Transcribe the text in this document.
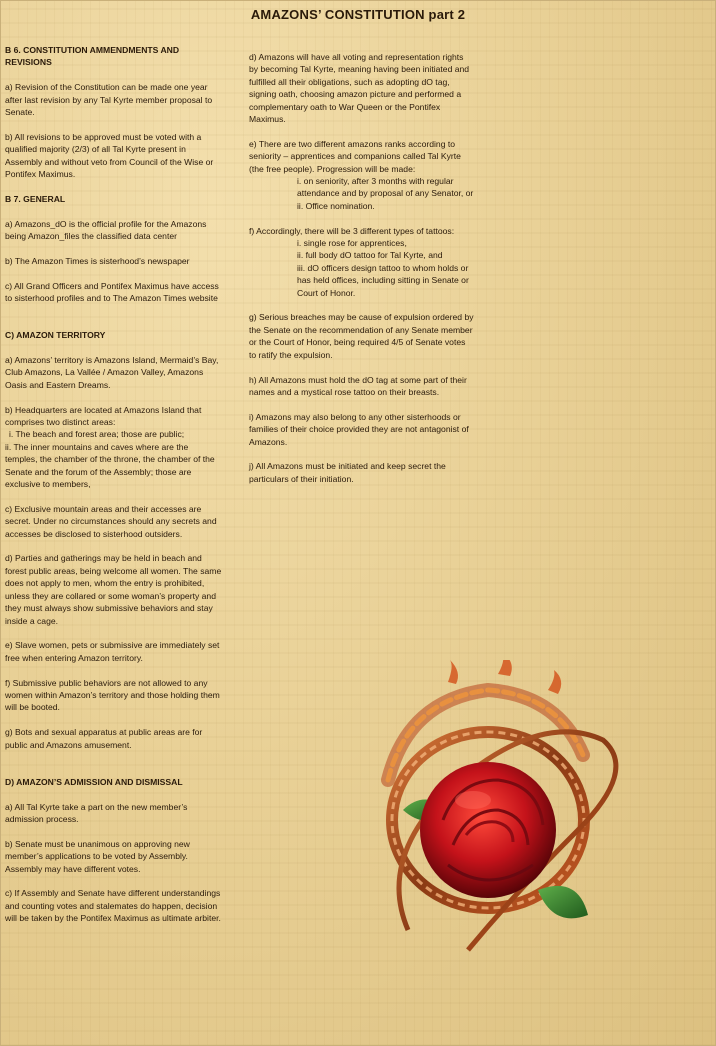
AMAZONS’ CONSTITUTION part 2
B 6. CONSTITUTION AMMENDMENTS AND REVISIONS

a) Revision of the Constitution can be made one year after last revision by any Tal Kyrte member proposal to Senate.

b) All revisions to be approved must be voted with a qualified majority (2/3) of all Tal Kyrte present in Assembly and without veto from Council of the Wise or Pontifex Maximus.

B 7. GENERAL

a) Amazons_dO is the official profile for the Amazons being Amazon_files the classified data center

b) The Amazon Times is sisterhood’s newspaper

c) All Grand Officers and Pontifex Maximus have access to sisterhood profiles and to The Amazon Times website

C) AMAZON TERRITORY

a) Amazons’ territory is Amazons Island, Mermaid’s Bay, Club Amazons, La Vallée / Amazon Valley, Amazons Oasis and Eastern Dreams.

b) Headquarters are located at Amazons Island that comprises two distinct areas:
i. The beach and forest area; those are public;
ii. The inner mountains and caves where are the temples, the chamber of the throne, the chamber of the Senate and the forum of the Assembly; those are exclusive to members,

c) Exclusive mountain areas and their accesses are secret. Under no circumstances should any secrets and accesses be disclosed to sisterhood outsiders.

d) Parties and gatherings may be held in beach and forest public areas, being welcome all women. The same does not apply to men, whom the entry is prohibited, unless they are collared or some woman’s property and they must always show submissive behaviors and stay inside a cage.

e) Slave women, pets or submissive are immediately set free when entering Amazon territory.

f) Submissive public behaviors are not allowed to any women within Amazon’s territory and those holding them will be booted.

g) Bots and sexual apparatus at public areas are for public and Amazons amusement.

D) AMAZON’S ADMISSION AND DISMISSAL

a) All Tal Kyrte take a part on the new member’s admission process.

b) Senate must be unanimous on approving new member’s applications to be voted by Assembly. Assembly may have different votes.

c) If Assembly and Senate have different understandings and counting votes and stalemates do happen, decision will be taken by the Pontifex Maximus as ultimate arbiter.

d) Amazons will have all voting and representation rights by becoming Tal Kyrte, meaning having been initiated and fulfilled all their obligations, such as adopting dO tag, signing oath, choosing amazon picture and performed a complementary oath to War Queen or the Pontifex Maximus.

e) There are two different amazons ranks according to seniority – apprentices and companions called Tal Kyrte (the free people). Progression will be made:
i. on seniority, after 3 months with regular attendance and by proposal of any Senator, or
ii. Office nomination.

f) Accordingly, there will be 3 different types of tattoos:
i. single rose for apprentices,
ii. full body dO tattoo for Tal Kyrte, and
iii. dO officers design tattoo to whom holds or has held offices, including sitting in Senate or Court of Honor.

g) Serious breaches may be cause of expulsion ordered by the Senate on the recommendation of any Senate member or the Court of Honor, being required 4/5 of Senate votes to ratify the expulsion.

h) All Amazons must hold the dO tag at some part of their names and a mystical rose tattoo on their breasts.

i) Amazons may also belong to any other sisterhoods or families of their choice provided they are not antagonist of Amazons.

j) All Amazons must be initiated and keep secret the particulars of their initiation.
